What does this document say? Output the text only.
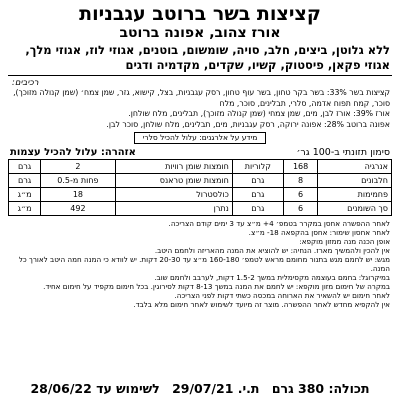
קציצות בשר ברוטב עגבניות
אורז צהוב, אפונה ברוטב
ללא גלוטן, ביצים, חלב, סויה, שומשום, בוטנים, אגוזי לוז, אגוזי מלך, אגוזי פקאן, פיסטוק, קשיו, שקדים, מקדמיה ודגים
רכיבים:
קציצות בשר 33%: בשר בקר טחון, בשר עוף טחון, רסק עגבניות, בצל, קישוא, גזר, שמן צמח׳ (שמן קנולה מזוכך), סוכר, קמח תפוח אדמה, סלרי, תבלינים, סוכר, מלח
אורז 39%: אורז לבן, מים, שמן צמחי (שמן קנולה מזוכך), תבלינים, מלח שולחן.
אפונה ברוטב 28%: אפונה ירוקה, רסק עגבניות, מים, תבלינים, מלח שולחן, סוכר לבן.
מידע על אלרגנים: עלול להכיל סלרי
סימון תזונתי ב-100 גר׳
אזהרה: עלול להכיל עצמות
אנרגיה	168	קלוריות	חומצות שומן רוויות	2	גרם
חלבונים	8	גרם	חומצות שומן טראנס	פחות מ-0.5	גרם
פחמימות	6	גרם	כולסטרול	18	מ״ג
סך השומנים	6	גרם	נתרן	492	מ״ג

לאחר ההפשרה אחסן במקרר בטמפ׳ 4+ מ״צ עד 3 ימים קודם הצריכה.

לאחר אחסון שימור: אחסן בהקפאה 18- מ״צ.

אופן הכנה מנה ממזון מוקפא:

אין להכין ולהמשיך מארז. הנחיה: יש להוציא את המנה מהאריזה ולחמם היטב.

מגש: יש לחמם מגש בתנור מחומם מראש לטמפ׳ 160-180 מ״צ עד 20-30 דקות. יש לוודא כי המנה חמה היטב לאורך כל המנה.

במיקרוגל: בחמם בעוצמה מקסימלית במשך 1.5-2 דקות, לערבב ולחמם שוב.

במקרה של חימום מזון מוקפא: יש לחמם את המנה במשך 8-13 דקות לסירוגין. בכל חימום מקפיד על חימום אחיד.

לאחר חימום יש להשאיר את הארוחה במכסה כשתי דקות לפני הצריכה.

אין להקפיא מחדש לאחר ההפשרה. מוצר זה מיועד לשימוש לאחר חימום מלא בלבד.

תכולה: 380 גרם ת.י. 29/07/21 לשימוש עד 28/06/22
